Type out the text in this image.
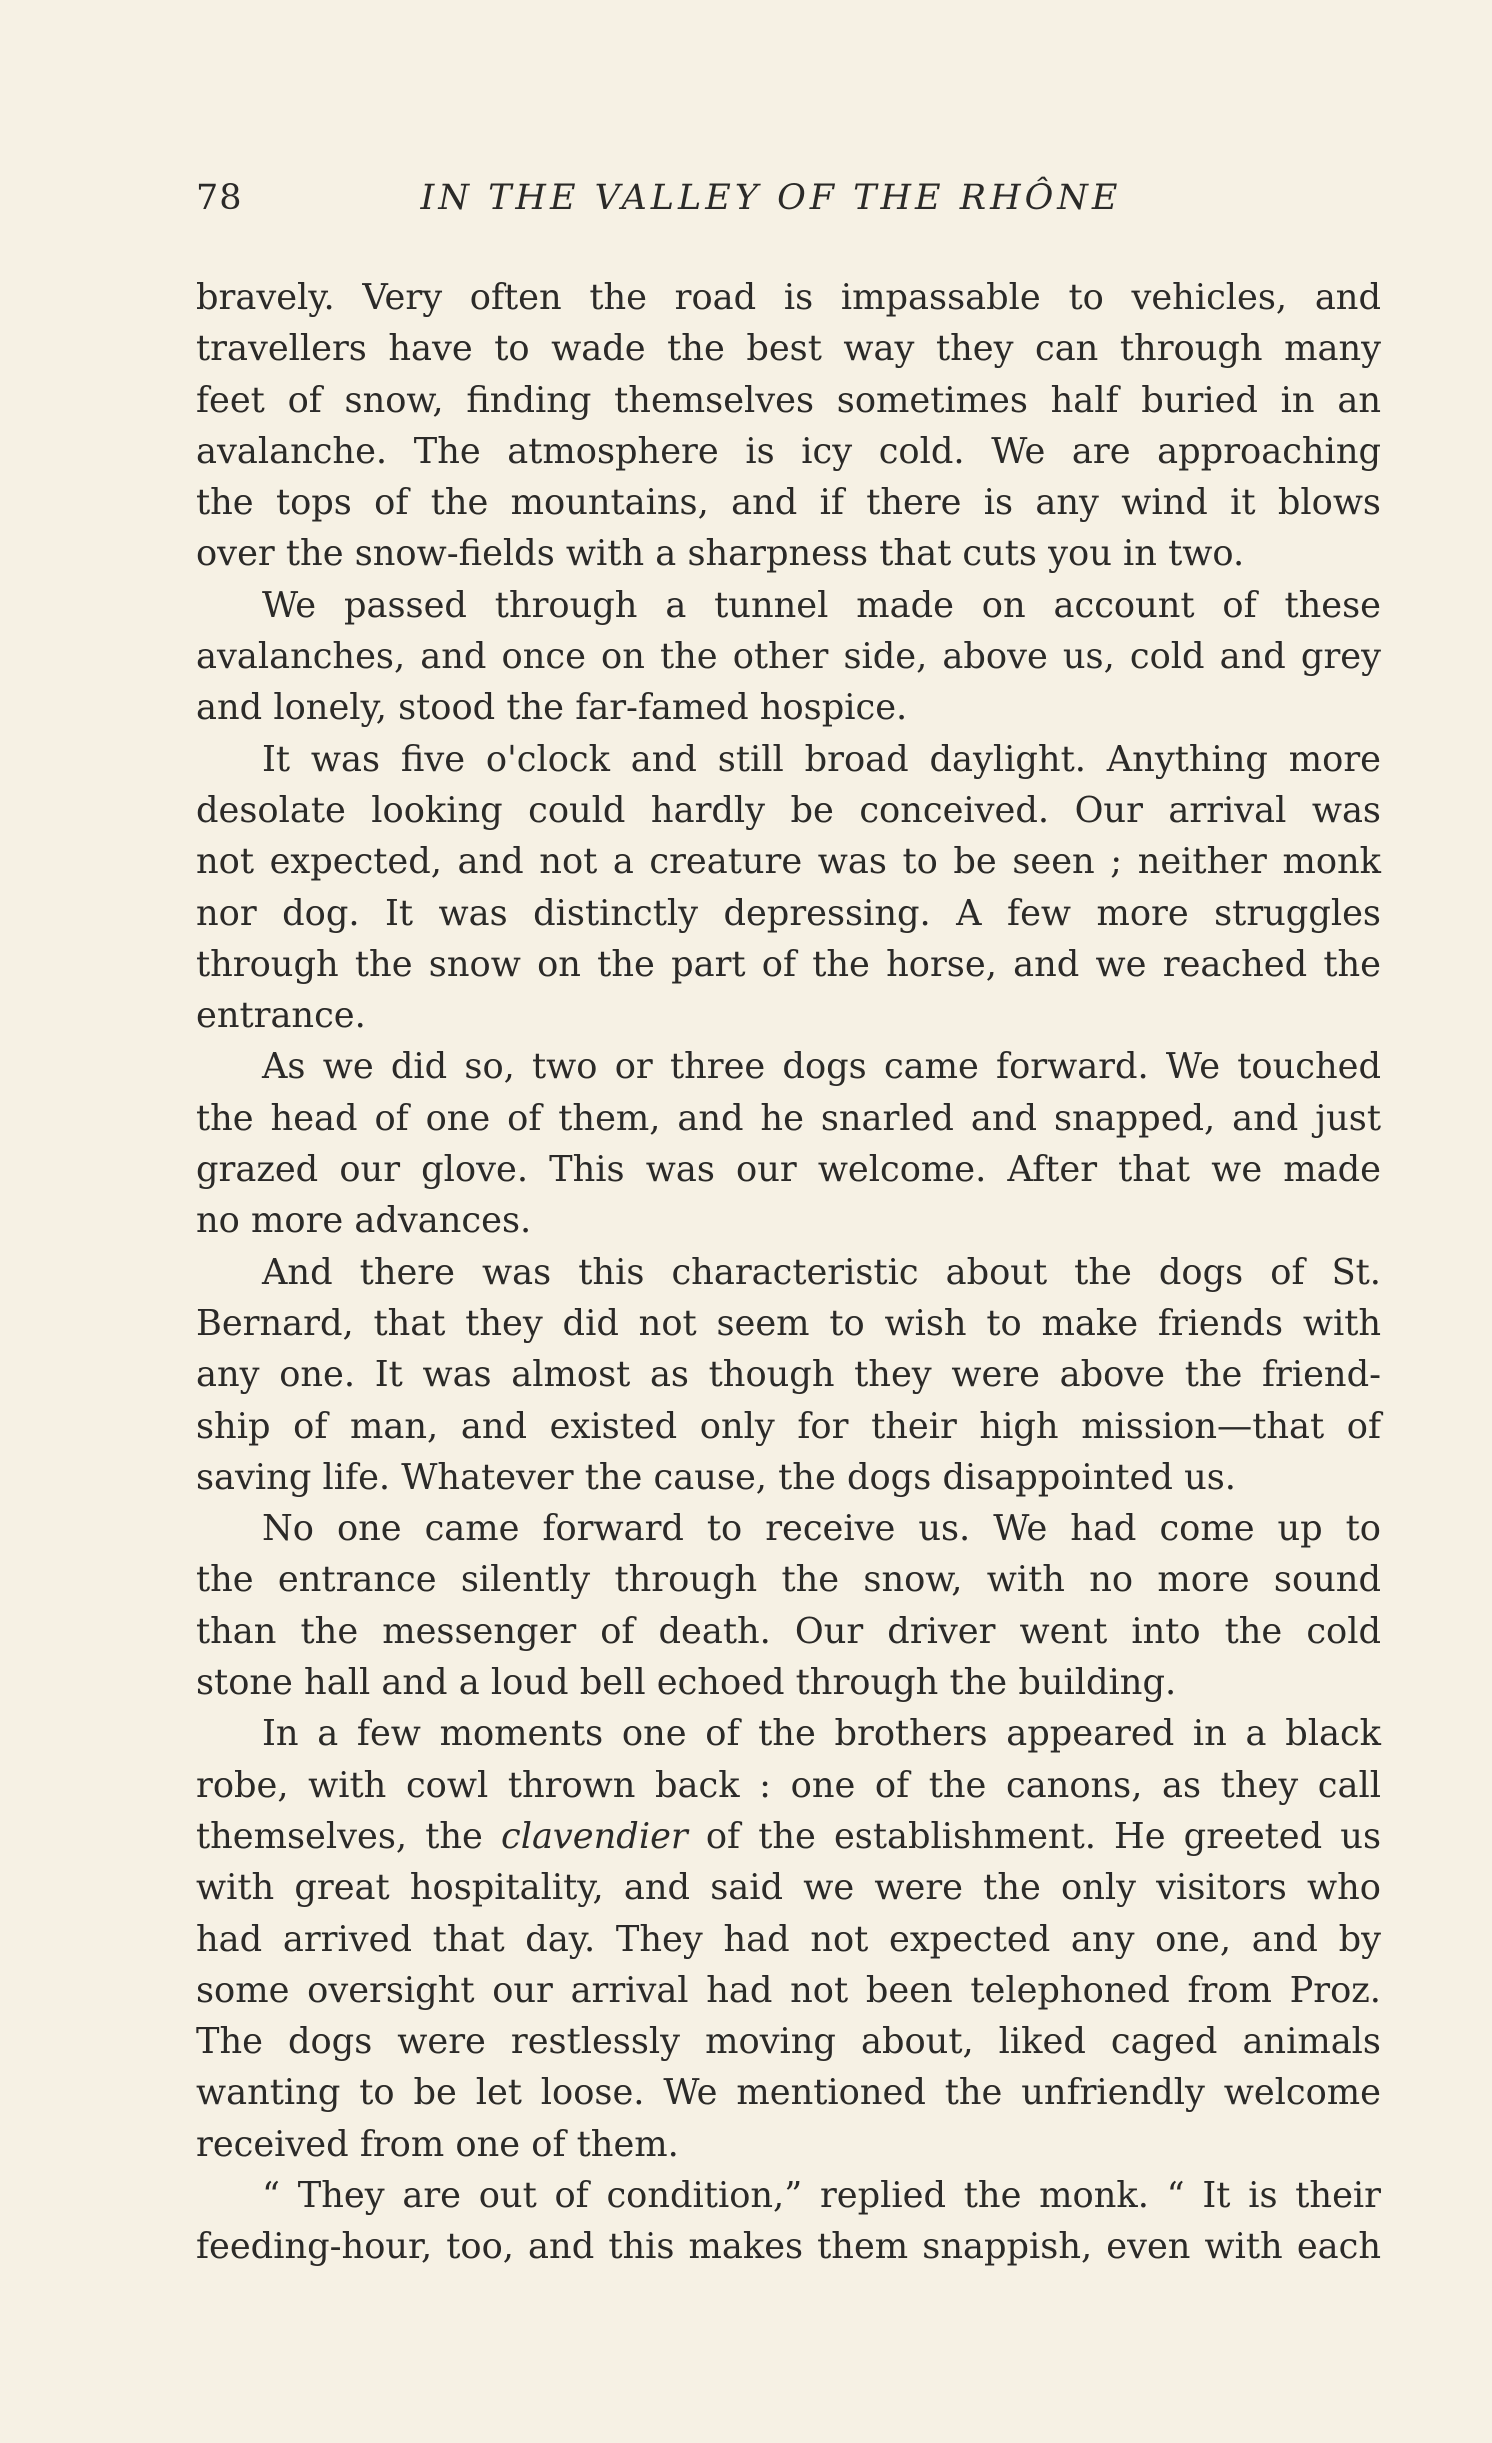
78	IN THE VALLEY OF THE RHÔNE
bravely. Very often the road is impassable to vehicles, and
travellers have to wade the best way they can through many
feet of snow, finding themselves sometimes half buried in an
avalanche. The atmosphere is icy cold. We are approaching
the tops of the mountains, and if there is any wind it blows
over the snow-fields with a sharpness that cuts you in two.
We passed through a tunnel made on account of these
avalanches, and once on the other side, above us, cold and grey
and lonely, stood the far-famed hospice.
It was five o'clock and still broad daylight. Anything more
desolate looking could hardly be conceived. Our arrival was
not expected, and not a creature was to be seen ; neither monk
nor dog. It was distinctly depressing. A few more struggles
through the snow on the part of the horse, and we reached the
entrance.
As we did so, two or three dogs came forward. We touched
the head of one of them, and he snarled and snapped, and just
grazed our glove. This was our welcome. After that we made
no more advances.
And there was this characteristic about the dogs of St.
Bernard, that they did not seem to wish to make friends with
any one. It was almost as though they were above the friend-
ship of man, and existed only for their high mission—that of
saving life. Whatever the cause, the dogs disappointed us.
No one came forward to receive us. We had come up to
the entrance silently through the snow, with no more sound
than the messenger of death. Our driver went into the cold
stone hall and a loud bell echoed through the building.
In a few moments one of the brothers appeared in a black
robe, with cowl thrown back : one of the canons, as they call
themselves, the clavendier of the establishment. He greeted us
with great hospitality, and said we were the only visitors who
had arrived that day. They had not expected any one, and by
some oversight our arrival had not been telephoned from Proz.
The dogs were restlessly moving about, liked caged animals
wanting to be let loose. We mentioned the unfriendly welcome
received from one of them.
“ They are out of condition,” replied the monk. “ It is their
feeding-hour, too, and this makes them snappish, even with each
